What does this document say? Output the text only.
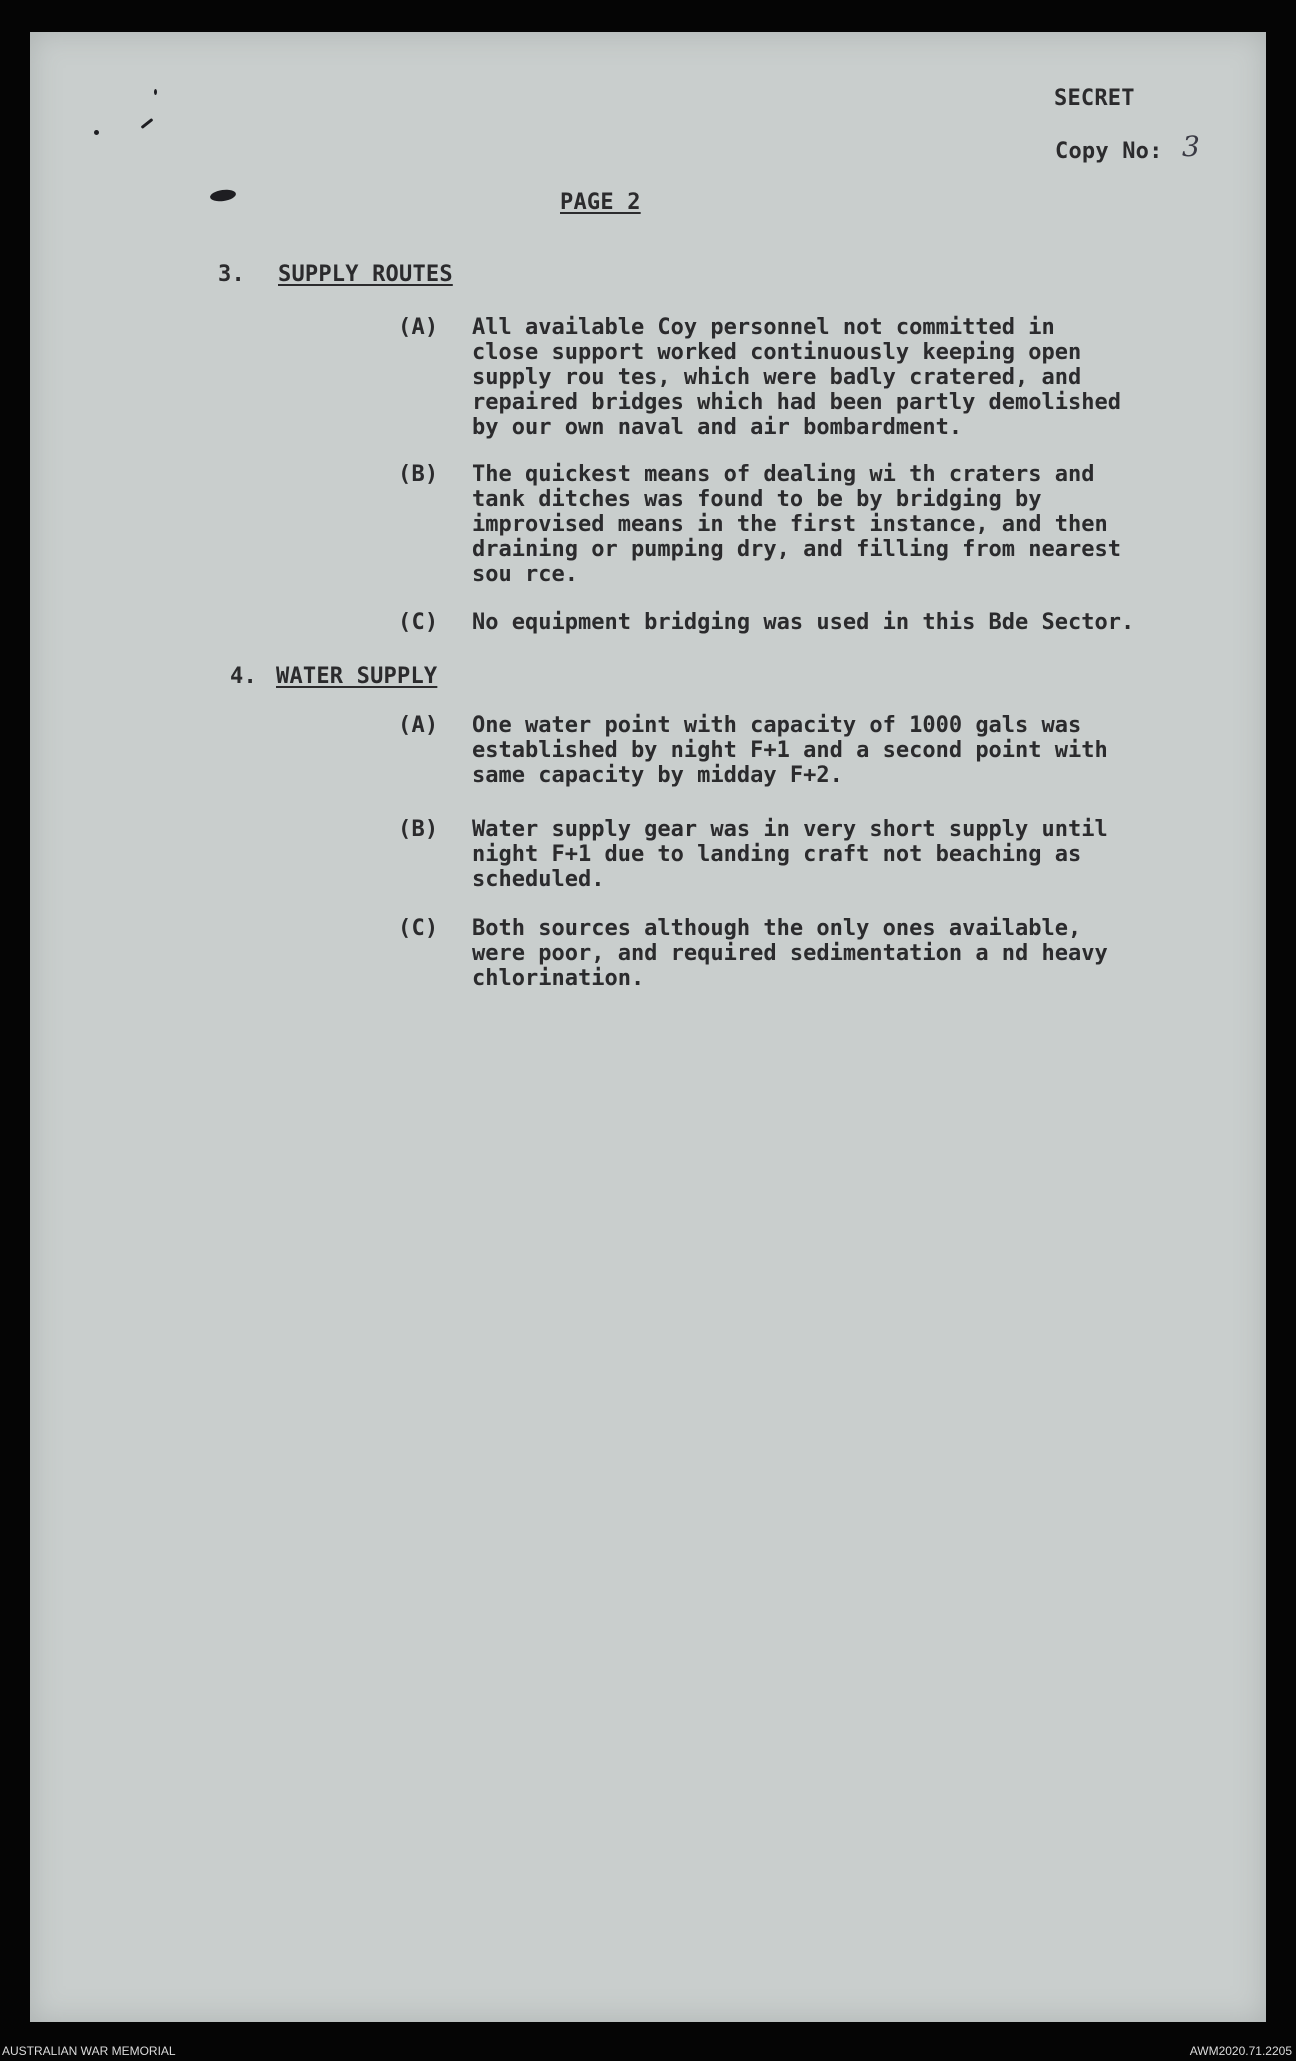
SECRET

Copy No: 3

PAGE 2

3. SUPPLY ROUTES

(A) All available Coy personnel not committed in
close support worked continuously keeping open
supply rou tes, which were badly cratered, and
repaired bridges which had been partly demolished
by our own naval and air bombardment.

(B) The quickest means of dealing wi th craters and
tank ditches was found to be by bridging by
improvised means in the first instance, and then
draining or pumping dry, and filling from nearest
sou rce.

(C) No equipment bridging was used in this Bde Sector.

4. WATER SUPPLY

(A) One water point with capacity of 1000 gals was
established by night F+1 and a second point with
same capacity by midday F+2.

(B) Water supply gear was in very short supply until
night F+1 due to landing craft not beaching as
scheduled.

(C) Both sources although the only ones available,
were poor, and required sedimentation a nd heavy
chlorination.
AUSTRALIAN WAR MEMORIAL	AWM2020.71.2205
